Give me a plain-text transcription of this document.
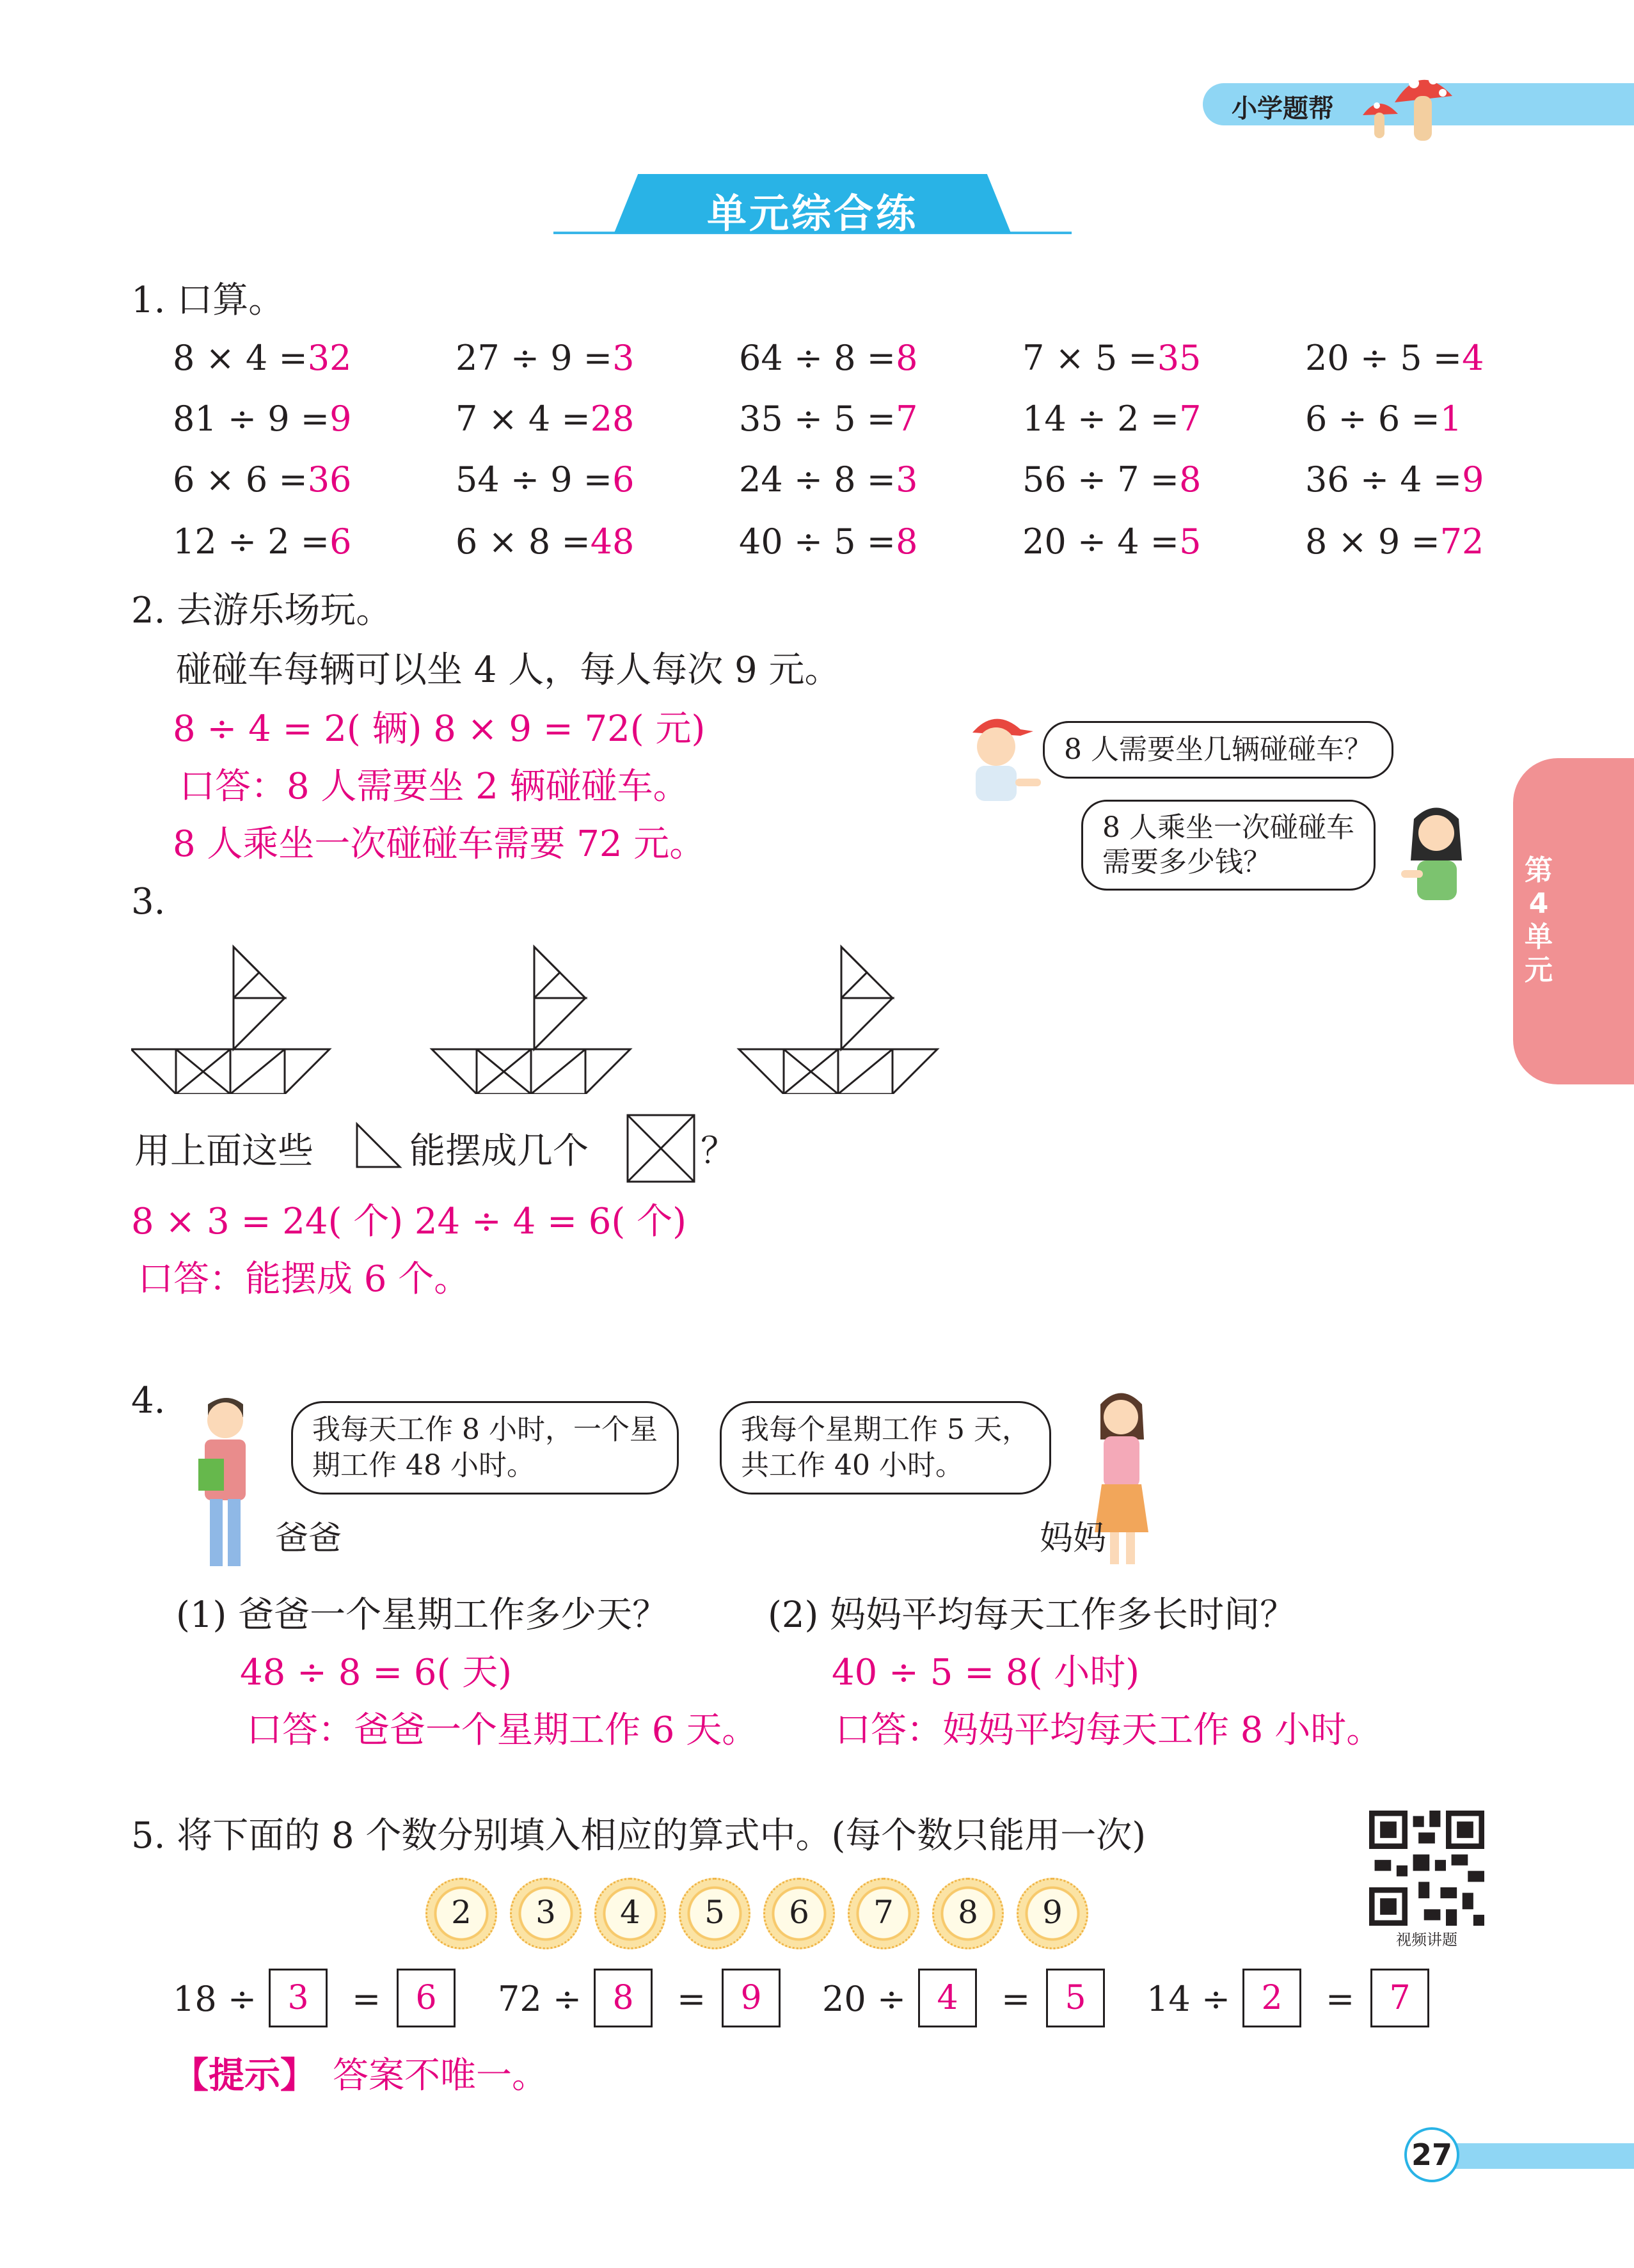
小学题帮
单元综合练
第
4
单
元
1. 口算。
8 × 4 =32	27 ÷ 9 =3	64 ÷ 8 =8	7 × 5 =35	20 ÷ 5 =4
81 ÷ 9 =9	7 × 4 =28	35 ÷ 5 =7	14 ÷ 2 =7	6 ÷ 6 =1
6 × 6 =36	54 ÷ 9 =6	24 ÷ 8 =3	56 ÷ 7 =8	36 ÷ 4 =9
12 ÷ 2 =6	6 × 8 =48	40 ÷ 5 =8	20 ÷ 4 =5	8 × 9 =72
2. 去游乐场玩。
碰碰车每辆可以坐 4 人，每人每次 9 元。
8 ÷ 4 = 2( 辆) 8 × 9 = 72( 元)
口答：8 人需要坐 2 辆碰碰车。
8 人乘坐一次碰碰车需要 72 元。
8 人需要坐几辆碰碰车？
8 人乘坐一次碰碰车
需要多少钱？
3.
用上面这些	能摆成几个	？
8 × 3 = 24( 个) 24 ÷ 4 = 6( 个)
口答：能摆成 6 个。
4.
我每天工作 8 小时，一个星
期工作 48 小时。
爸爸
我每个星期工作 5 天，
共工作 40 小时。
妈妈
(1) 爸爸一个星期工作多少天？	(2) 妈妈平均每天工作多长时间？
48 ÷ 8 = 6( 天)	40 ÷ 5 = 8( 小时)
口答：爸爸一个星期工作 6 天。 口答：妈妈平均每天工作 8 小时。
5. 将下面的 8 个数分别填入相应的算式中。(每个数只能用一次)
视频讲题
2	3	4	5	6	7	8	9
18 ÷ 3	=	6	72 ÷ 8	=	9	20 ÷ 4	=	5	14 ÷ 2	=	7
【提示】 答案不唯一。
27
